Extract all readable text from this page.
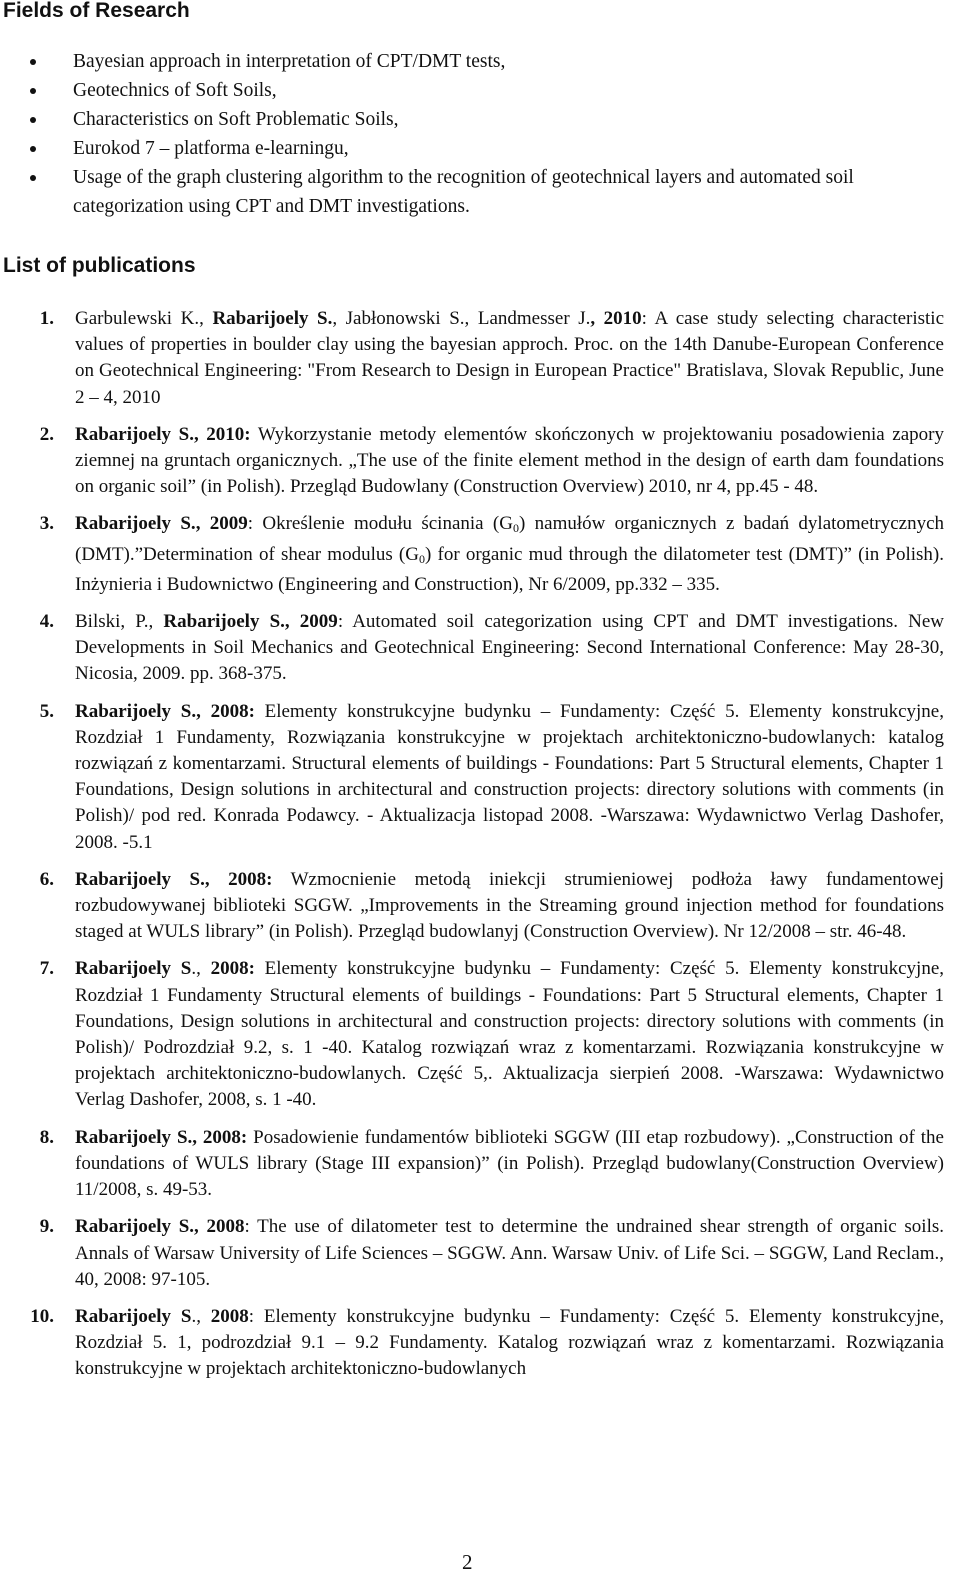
Fields of Research
Bayesian approach in interpretation of CPT/DMT tests,
Geotechnics of Soft Soils,
Characteristics on Soft Problematic Soils,
Eurokod 7 – platforma e-learningu,
Usage of the graph clustering algorithm to the recognition of geotechnical layers and automated soil categorization using CPT and DMT investigations.
List of publications
1. Garbulewski K., Rabarijoely S., Jabłonowski S., Landmesser J., 2010: A case study selecting characteristic values of properties in boulder clay using the bayesian approch. Proc. on the 14th Danube-European Conference on Geotechnical Engineering: "From Research to Design in European Practice" Bratislava, Slovak Republic, June 2 – 4, 2010
2. Rabarijoely S., 2010: Wykorzystanie metody elementów skończonych w projektowaniu posadowienia zapory ziemnej na gruntach organicznych. „The use of the finite element method in the design of earth dam foundations on organic soil” (in Polish). Przegląd Budowlany (Construction Overview) 2010, nr 4, pp.45 - 48.
3. Rabarijoely S., 2009: Określenie modułu ścinania $(G_0)$ namułów organicznych z badań dylatometrycznych (DMT).”Determination of shear modulus $(G_0)$ for organic mud through the dilatometer test (DMT)” (in Polish). Inżynieria i Budownictwo (Engineering and Construction), Nr 6/2009, pp.332 – 335.
4. Bilski, P., Rabarijoely S., 2009: Automated soil categorization using CPT and DMT investigations. New Developments in Soil Mechanics and Geotechnical Engineering: Second International Conference: May 28-30, Nicosia, 2009. pp. 368-375.
5. Rabarijoely S., 2008: Elementy konstrukcyjne budynku – Fundamenty: Część 5. Elementy konstrukcyjne, Rozdział 1 Fundamenty, Rozwiązania konstrukcyjne w projektach architektoniczno-budowlanych: katalog rozwiązań z komentarzami. Structural elements of buildings - Foundations: Part 5 Structural elements, Chapter 1 Foundations, Design solutions in architectural and construction projects: directory solutions with comments (in Polish)/ pod red. Konrada Podawcy. - Aktualizacja listopad 2008. -Warszawa: Wydawnictwo Verlag Dashofer, 2008. -5.1
6. Rabarijoely S., 2008: Wzmocnienie metodą iniekcji strumieniowej podłoża ławy fundamentowej rozbudowywanej biblioteki SGGW. „Improvements in the Streaming ground injection method for foundations staged at WULS library” (in Polish). Przegląd budowlanyj (Construction Overview). Nr 12/2008 – str. 46-48.
7. Rabarijoely S., 2008: Elementy konstrukcyjne budynku – Fundamenty: Część 5. Elementy konstrukcyjne, Rozdział 1 Fundamenty Structural elements of buildings - Foundations: Part 5 Structural elements, Chapter 1 Foundations, Design solutions in architectural and construction projects: directory solutions with comments (in Polish)/ Podrozdział 9.2, s. 1 -40. Katalog rozwiązań wraz z komentarzami. Rozwiązania konstrukcyjne w projektach architektoniczno-budowlanych. Część 5,. Aktualizacja sierpień 2008. -Warszawa: Wydawnictwo Verlag Dashofer, 2008, s. 1 -40.
8. Rabarijoely S., 2008: Posadowienie fundamentów biblioteki SGGW (III etap rozbudowy). „Construction of the foundations of WULS library (Stage III expansion)” (in Polish). Przegląd budowlany(Construction Overview) 11/2008, s. 49-53.
9. Rabarijoely S., 2008: The use of dilatometer test to determine the undrained shear strength of organic soils. Annals of Warsaw University of Life Sciences – SGGW. Ann. Warsaw Univ. of Life Sci. – SGGW, Land Reclam., 40, 2008: 97-105.
10. Rabarijoely S., 2008: Elementy konstrukcyjne budynku – Fundamenty: Część 5. Elementy konstrukcyjne, Rozdział 5. 1, podrozdział 9.1 – 9.2 Fundamenty. Katalog rozwiązań wraz z komentarzami. Rozwiązania konstrukcyjne w projektach architektoniczno-budowlanych
2
